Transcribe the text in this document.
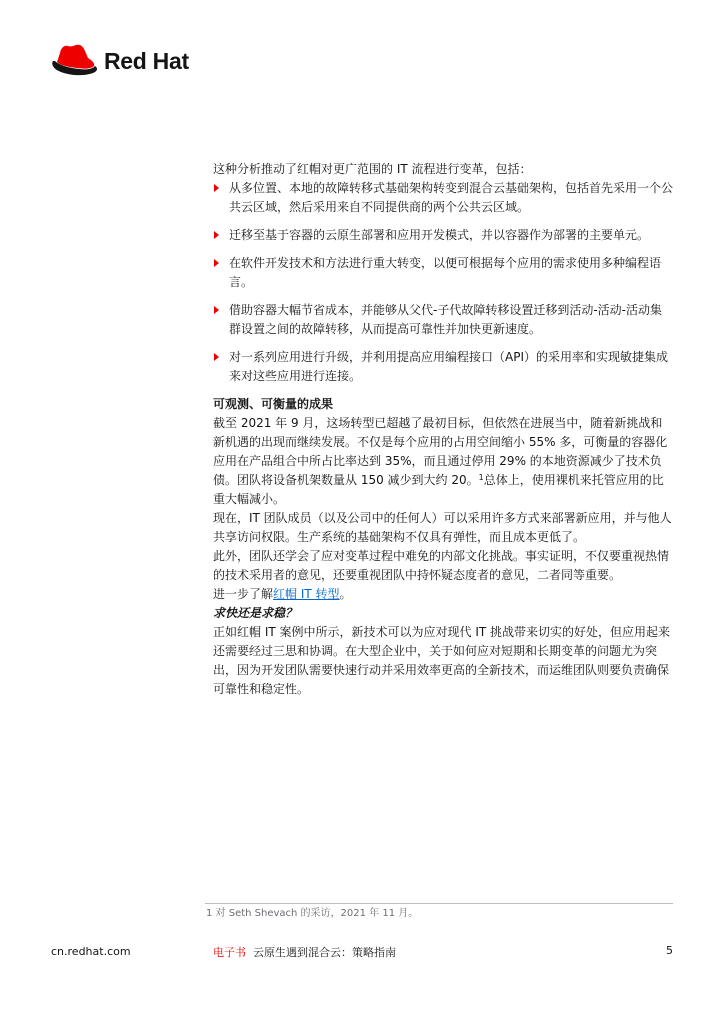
Red Hat

这种分析推动了红帽对更广范围的 IT 流程进行变革，包括：

从多位置、本地的故障转移式基础架构转变到混合云基础架构，包括首先采用一个公共云区域，然后采用来自不同提供商的两个公共云区域。
迁移至基于容器的云原生部署和应用开发模式，并以容器作为部署的主要单元。
在软件开发技术和方法进行重大转变，以便可根据每个应用的需求使用多种编程语言。
借助容器大幅节省成本，并能够从父代-子代故障转移设置迁移到活动-活动-活动集群设置之间的故障转移，从而提高可靠性并加快更新速度。
对一系列应用进行升级，并利用提高应用编程接口（API）的采用率和实现敏捷集成来对这些应用进行连接。

可观测、可衡量的成果

截至 2021 年 9 月，这场转型已超越了最初目标，但依然在进展当中，随着新挑战和新机遇的出现而继续发展。不仅是每个应用的占用空间缩小 55% 多，可衡量的容器化应用在产品组合中所占比率达到 35%，而且通过停用 29% 的本地资源减少了技术负债。团队将设备机架数量从 150 减少到大约 20。$^1$总体上，使用裸机来托管应用的比重大幅减小。

现在，IT 团队成员（以及公司中的任何人）可以采用许多方式来部署新应用，并与他人共享访问权限。生产系统的基础架构不仅具有弹性，而且成本更低了。

此外，团队还学会了应对变革过程中难免的内部文化挑战。事实证明，不仅要重视热情的技术采用者的意见，还要重视团队中持怀疑态度者的意见，二者同等重要。

进一步了解红帽 IT 转型。

求快还是求稳？

正如红帽 IT 案例中所示，新技术可以为应对现代 IT 挑战带来切实的好处，但应用起来还需要经过三思和协调。在大型企业中，关于如何应对短期和长期变革的问题尤为突出，因为开发团队需要快速行动并采用效率更高的全新技术，而运维团队则要负责确保可靠性和稳定性。

1 对 Seth Shevach 的采访，2021 年 11 月。

cn.redhat.com	电子书 云原生遇到混合云：策略指南	5
